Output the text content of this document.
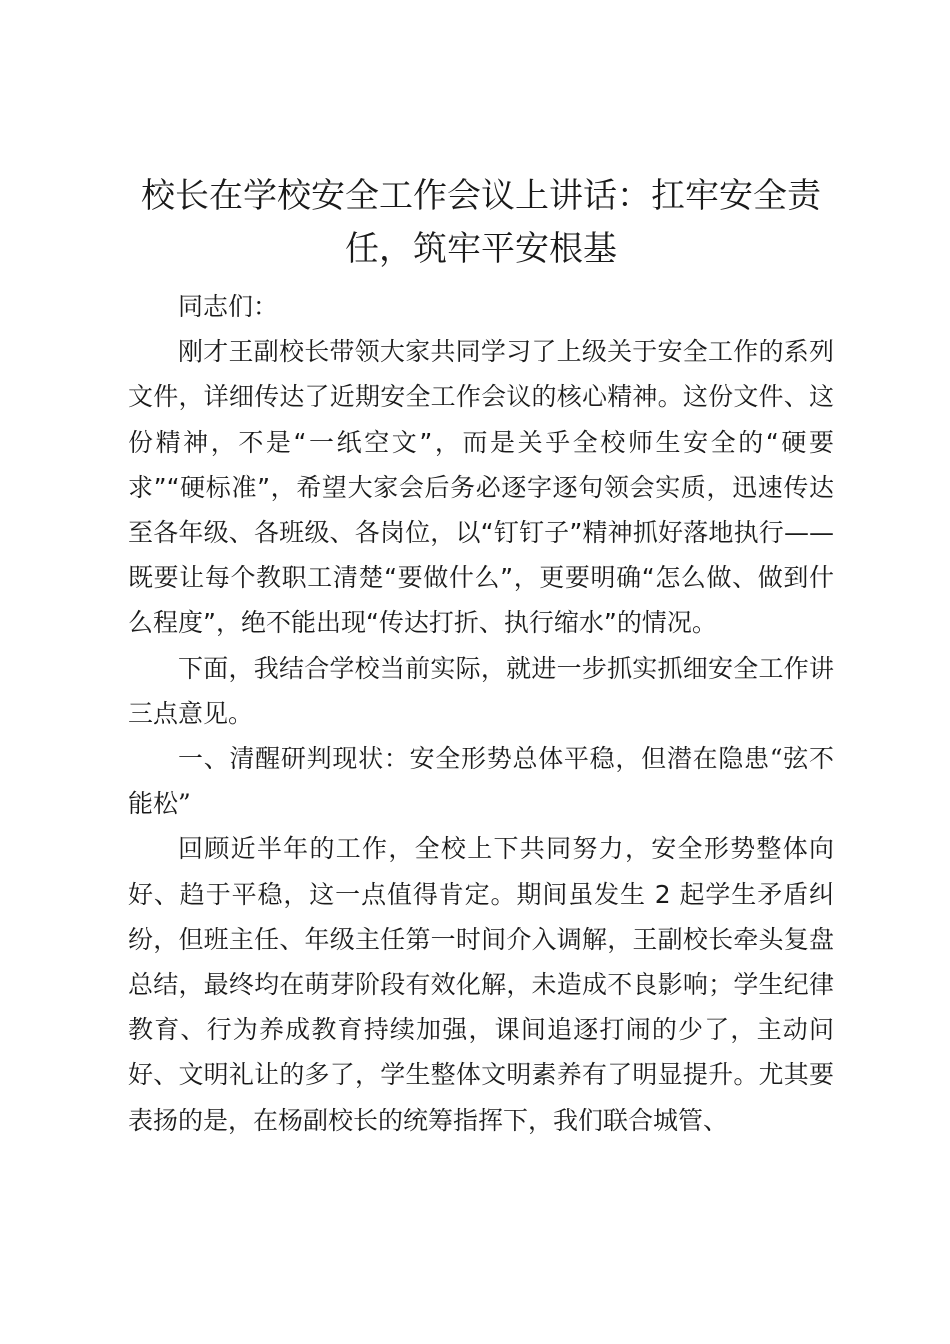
校长在学校安全工作会议上讲话：扛牢安全责任，筑牢平安根基

同志们：

刚才王副校长带领大家共同学习了上级关于安全工作的系列文件，详细传达了近期安全工作会议的核心精神。这份文件、这份精神，不是“一纸空文”，而是关乎全校师生安全的“硬要求”“硬标准”，希望大家会后务必逐字逐句领会实质，迅速传达至各年级、各班级、各岗位，以“钉钉子”精神抓好落地执行——既要让每个教职工清楚“要做什么”，更要明确“怎么做、做到什么程度”，绝不能出现“传达打折、执行缩水”的情况。

下面，我结合学校当前实际，就进一步抓实抓细安全工作讲三点意见。

一、清醒研判现状：安全形势总体平稳，但潜在隐患“弦不能松”

回顾近半年的工作，全校上下共同努力，安全形势整体向好、趋于平稳，这一点值得肯定。期间虽发生 2 起学生矛盾纠纷，但班主任、年级主任第一时间介入调解，王副校长牵头复盘总结，最终均在萌芽阶段有效化解，未造成不良影响；学生纪律教育、行为养成教育持续加强，课间追逐打闹的少了，主动问好、文明礼让的多了，学生整体文明素养有了明显提升。尤其要表扬的是，在杨副校长的统筹指挥下，我们联合城管、
